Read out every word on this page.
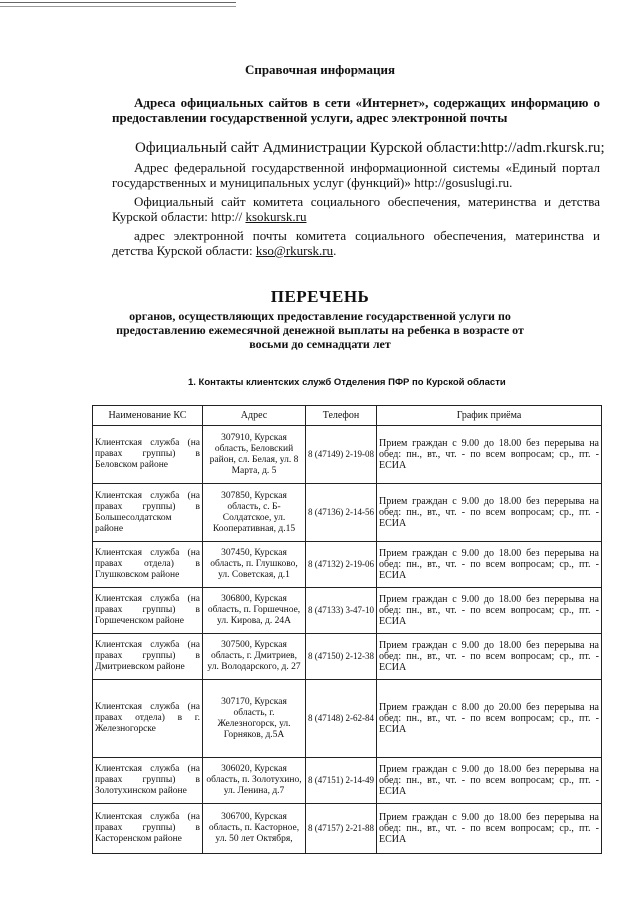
Справочная информация
Адреса официальных сайтов в сети «Интернет», содержащих информацию о предоставлении государственной услуги, адрес электронной почты
Официальный сайт Администрации Курской области:http://adm.rkursk.ru;
Адрес федеральной государственной информационной системы «Единый портал государственных и муниципальных услуг (функций)» http://gosuslugi.ru.
Официальный сайт комитета социального обеспечения, материнства и детства Курской области: http:// ksokursk.ru
адрес электронной почты комитета социального обеспечения, материнства и детства Курской области: kso@rkursk.ru.
ПЕРЕЧЕНЬ
органов, осуществляющих предоставление государственной услуги по предоставлению ежемесячной денежной выплаты на ребенка в возрасте от восьми до семнадцати лет
1. Контакты клиентских служб Отделения ПФР по Курской области
Наименование КС	Адрес	Телефон	График приёма
Клиентская служба (на правах группы) в Беловском районе	307910, Курская область, Беловский район, сл. Белая, ул. 8 Марта, д. 5	8 (47149) 2-19-08	Прием граждан с 9.00 до 18.00 без перерыва на обед: пн., вт., чт. - по всем вопросам; ср., пт. - ЕСИА
Клиентская служба (на правах группы) в Большесолдатском районе	307850, Курская область, с. Б-Солдатское, ул. Кооперативная, д.15	8 (47136) 2-14-56	Прием граждан с 9.00 до 18.00 без перерыва на обед: пн., вт., чт. - по всем вопросам; ср., пт. - ЕСИА
Клиентская служба (на правах отдела) в Глушковском районе	307450, Курская область, п. Глушково, ул. Советская, д.1	8 (47132) 2-19-06	Прием граждан с 9.00 до 18.00 без перерыва на обед: пн., вт., чт. - по всем вопросам; ср., пт. - ЕСИА
Клиентская служба (на правах группы) в Горшеченском районе	306800, Курская область, п. Горшечное, ул. Кирова, д. 24А	8 (47133) 3-47-10	Прием граждан с 9.00 до 18.00 без перерыва на обед: пн., вт., чт. - по всем вопросам; ср., пт. - ЕСИА
Клиентская служба (на правах группы) в Дмитриевском районе	307500, Курская область, г. Дмитриев, ул. Володарского, д. 27	8 (47150) 2-12-38	Прием граждан с 9.00 до 18.00 без перерыва на обед: пн., вт., чт. - по всем вопросам; ср., пт. - ЕСИА
Клиентская служба (на правах отдела) в г. Железногорске	307170, Курская область, г. Железногорск, ул. Горняков, д.5А	8 (47148) 2-62-84	Прием граждан с 8.00 до 20.00 без перерыва на обед: пн., вт., чт. - по всем вопросам; ср., пт. - ЕСИА
Клиентская служба (на правах группы) в Золотухинском районе	306020, Курская область, п. Золотухино, ул. Ленина, д.7	8 (47151) 2-14-49	Прием граждан с 9.00 до 18.00 без перерыва на обед: пн., вт., чт. - по всем вопросам; ср., пт. - ЕСИА
Клиентская служба (на правах группы) в Касторенском районе	306700, Курская область, п. Касторное, ул. 50 лет Октября,	8 (47157) 2-21-88	Прием граждан с 9.00 до 18.00 без перерыва на обед: пн., вт., чт. - по всем вопросам; ср., пт. - ЕСИА
